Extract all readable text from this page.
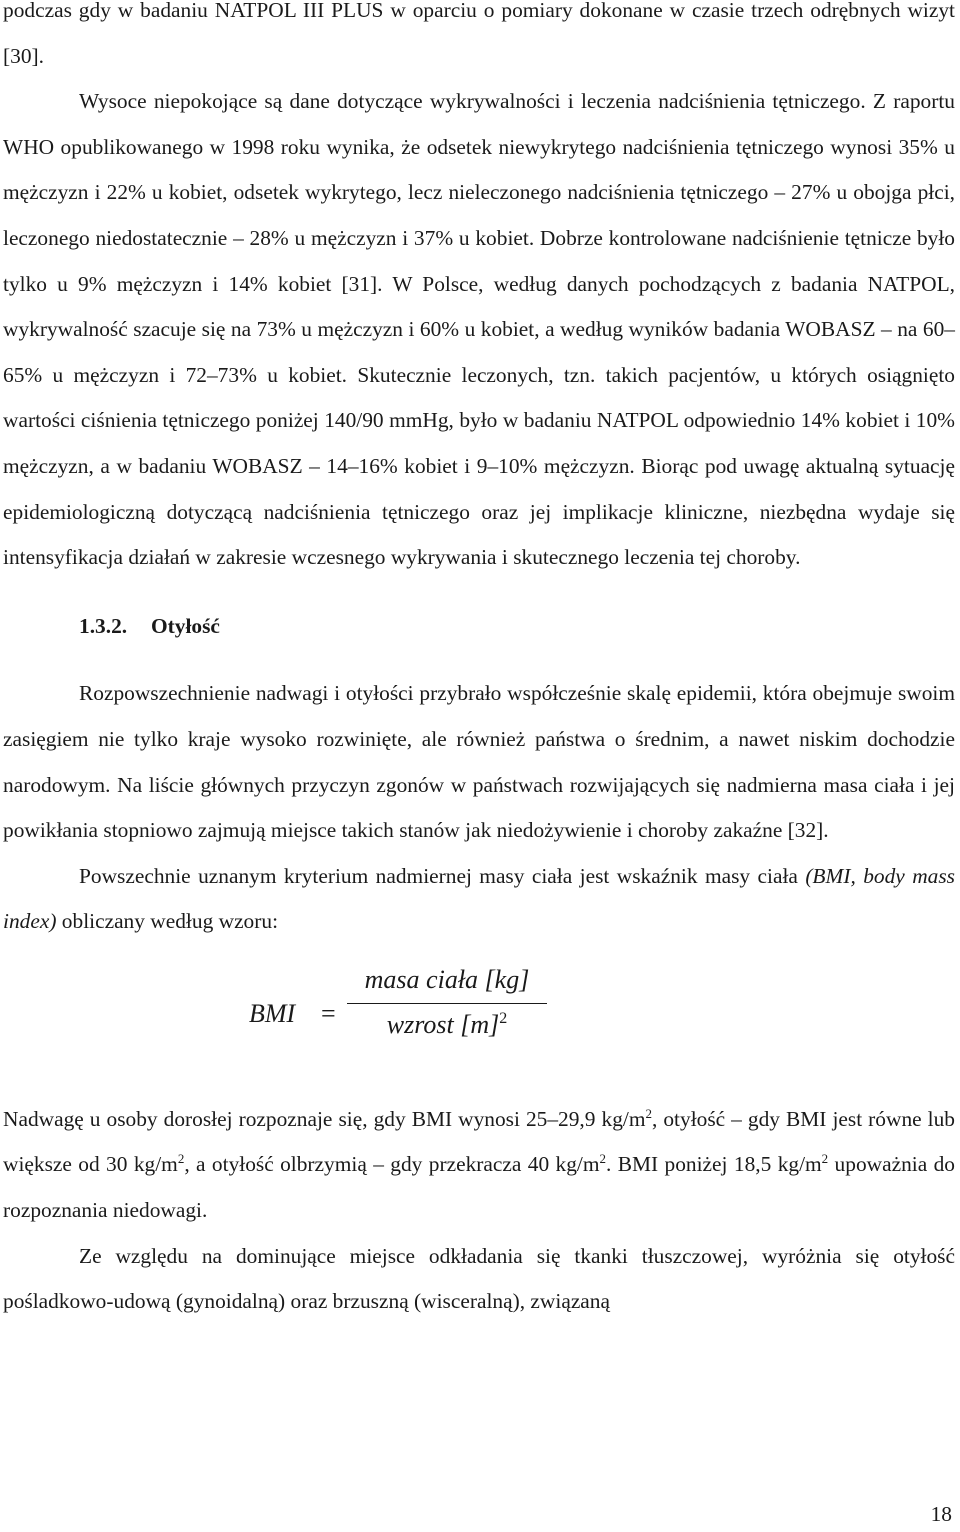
podczas gdy w badaniu NATPOL III PLUS w oparciu o pomiary dokonane w czasie trzech odrębnych wizyt [30].

Wysoce niepokojące są dane dotyczące wykrywalności i leczenia nadciśnienia tętniczego. Z raportu WHO opublikowanego w 1998 roku wynika, że odsetek niewykrytego nadciśnienia tętniczego wynosi 35% u mężczyzn i 22% u kobiet, odsetek wykrytego, lecz nieleczonego nadciśnienia tętniczego – 27% u obojga płci, leczonego niedostatecznie – 28% u mężczyzn i 37% u kobiet. Dobrze kontrolowane nadciśnienie tętnicze było tylko u 9% mężczyzn i 14% kobiet [31]. W Polsce, według danych pochodzących z badania NATPOL, wykrywalność szacuje się na 73% u mężczyzn i 60% u kobiet, a według wyników badania WOBASZ – na 60–65% u mężczyzn i 72–73% u kobiet. Skutecznie leczonych, tzn. takich pacjentów, u których osiągnięto wartości ciśnienia tętniczego poniżej 140/90 mmHg, było w badaniu NATPOL odpowiednio 14% kobiet i 10% mężczyzn, a w badaniu WOBASZ – 14–16% kobiet i 9–10% mężczyzn. Biorąc pod uwagę aktualną sytuację epidemiologiczną dotyczącą nadciśnienia tętniczego oraz jej implikacje kliniczne, niezbędna wydaje się intensyfikacja działań w zakresie wczesnego wykrywania i skutecznego leczenia tej choroby.

1.3.2. Otyłość

Rozpowszechnienie nadwagi i otyłości przybrało współcześnie skalę epidemii, która obejmuje swoim zasięgiem nie tylko kraje wysoko rozwinięte, ale również państwa o średnim, a nawet niskim dochodzie narodowym. Na liście głównych przyczyn zgonów w państwach rozwijających się nadmierna masa ciała i jej powikłania stopniowo zajmują miejsce takich stanów jak niedożywienie i choroby zakaźne [32].

Powszechnie uznanym kryterium nadmiernej masy ciała jest wskaźnik masy ciała (BMI, body mass index) obliczany według wzoru:

BMI =
masa ciała [kg]
wzrost $[m]^2$

Nadwagę u osoby dorosłej rozpoznaje się, gdy BMI wynosi 25–29,9 $kg/m^2$, otyłość – gdy BMI jest równe lub większe od 30 $kg/m^2$, a otyłość olbrzymią – gdy przekracza 40 $kg/m^2$. BMI poniżej 18,5 $kg/m^2$ upoważnia do rozpoznania niedowagi.

Ze względu na dominujące miejsce odkładania się tkanki tłuszczowej, wyróżnia się otyłość pośladkowo-udową (gynoidalną) oraz brzuszną (wisceralną), związaną

18
